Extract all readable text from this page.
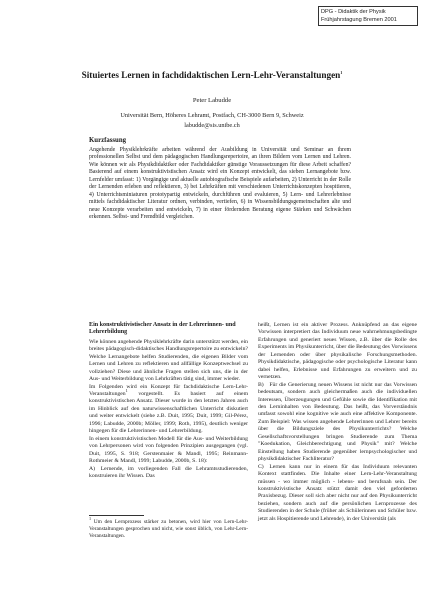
DPG - Didaktik der Physik
Frühjahrstagung Bremen 2001
Situiertes Lernen in fachdidaktischen Lern-Lehr-Veranstaltungen$^1$
Peter Labudde
Universität Bern, Höheres Lehramt, Postfach, CH-3000 Bern 9, Schweiz
labudde@sis.unibe.ch
Kurzfassung
Angehende Physiklehrkräfte arbeiten während der Ausbildung in Universität und Seminar an ihrem professionellen Selbst und dem pädagogischen Handlungsrepertoire, an ihren Bildern vom Lernen und Lehren. Wie können wir als Physikdidaktiker oder Fachdidaktiker günstige Voraussetzungen für diese Arbeit schaffen? Basierend auf einem konstruktivistischen Ansatz wird ein Konzept entwickelt, das sieben Lernangebote bzw. Lernfelder umfasst: 1) Vorgängige und aktuelle autobiografische Beispiele aufarbeiten, 2) Unterricht in der Rolle der Lernenden erleben und reflektieren, 3) bei Lehrkräften mit verschiedenen Unterrichtskonzepten hospitieren, 4) Unterrichtsminiaturen prototypartig entwickeln, durchführen und evaluieren, 5) Lern- und Lehrerlebnisse mittels fachdidaktischer Literatur ordnen, verbinden, vertiefen, 6) in Wissensbildungsgemeinschaften alte und neue Konzepte verarbeiten und entwickeln, 7) in einer fördernden Beratung eigene Stärken und Schwächen erkennen. Selbst- und Fremdbild vergleichen.
Ein konstruktivistischer Ansatz in der Lehrerinnen- und Lehrerbildung

Wie können angehende Physiklehrkräfte darin unterstützt werden, ein breites pädagogisch-didaktisches Handlungsrepertoire zu entwickeln? Welche Lernangebote helfen Studierenden, die eigenen Bilder vom Lernen und Lehren zu reflektieren und allfällige Konzeptwechsel zu vollziehen? Diese und ähnliche Fragen stellen sich uns, die in der Aus- und Weiterbildung von Lehrkräften tätig sind, immer wieder.

Im Folgenden wird ein Konzept für fachdidaktische Lern-Lehr-Veranstaltungen$^1$ vorgestellt. Es basiert auf einem konstruktivistischen Ansatz. Dieser wurde in den letzten Jahren auch im Hinblick auf den naturwissenschaftlichen Unterricht diskutiert und weiter entwickelt (siehe z.B. Duit, 1995; Duit, 1999; Gil-Pérez, 1996; Labudde, 2000b; Möller, 1999; Roth, 1995), deutlich weniger hingegen für die Lehrerinnen- und Lehrerbildung.

In einem konstruktivistischen Modell für die Aus- und Weiterbildung von Lehrpersonen wird von folgenden Prinzipien ausgegangen (vgl. Duit, 1995, S. 918; Gerstenmaier & Mandl, 1995; Reinmann-Rothmeier & Mandl, 1999; Labudde, 2000b, S. 18):

A) Lernende, im vorliegenden Fall die Lehramtsstudierenden, konstruieren ihr Wissen. Das

$^1$ Um den Lernprozess stärker zu betonen, wird hier von Lern-Lehr-Veranstaltungen gesprochen und nicht, wie sonst üblich, von Lehr-Lern-Veranstaltungen.

heißt, Lernen ist ein aktiver Prozess. Anknüpfend an das eigene Vorwissen interpretiert das Individuum neue wahrnehmungsbedingte Erfahrungen und generiert neues Wissen, z.B. über die Rolle des Experiments im Physikunterricht, über die Bedeutung des Vorwissens der Lernenden oder über physikalische Forschungsmethoden. Physikdidaktische, pädagogische oder psychologische Literatur kann dabei helfen, Erlebnisse und Erfahrungen zu erweitern und zu vernetzen.

B) Für die Generierung neuen Wissens ist nicht nur das Vorwissen bedeutsam, sondern auch gleichermaßen auch die individuellen Interessen, Überzeugungen und Gefühle sowie die Identifikation mit den Lerninhalten von Bedeutung. Das heißt, das Vorverständnis umfasst sowohl eine kognitive wie auch eine affektive Komponente. Zum Beispiel: Was wissen angehende Lehrerinnen und Lehrer bereits über die Bildungsziele des Physikunterrichts? Welche Gesellschaftsvorstellungen bringen Studierende zum Thema "Koedukation, Gleichberechtigung und Physik" mit? Welche Einstellung haben Studierende gegenüber lernpsychologischer und physikdidaktischer Fachliteratur?

C) Lernen kann nur in einem für das Individuum relevanten Kontext stattfinden. Die Inhalte einer Lern-Lehr-Veranstaltung müssen - wo immer möglich - lebens- und berufsnah sein. Der konstruktivistische Ansatz stützt damit den viel geforderten Praxisbezug. Dieser soll sich aber nicht nur auf den Physikunterricht beziehen, sondern auch auf die persönlichen Lernprozesse des Studierenden in der Schule (früher als Schülerinnen und Schüler bzw. jetzt als Hospitierende und Lehrende), in der Universität (als
